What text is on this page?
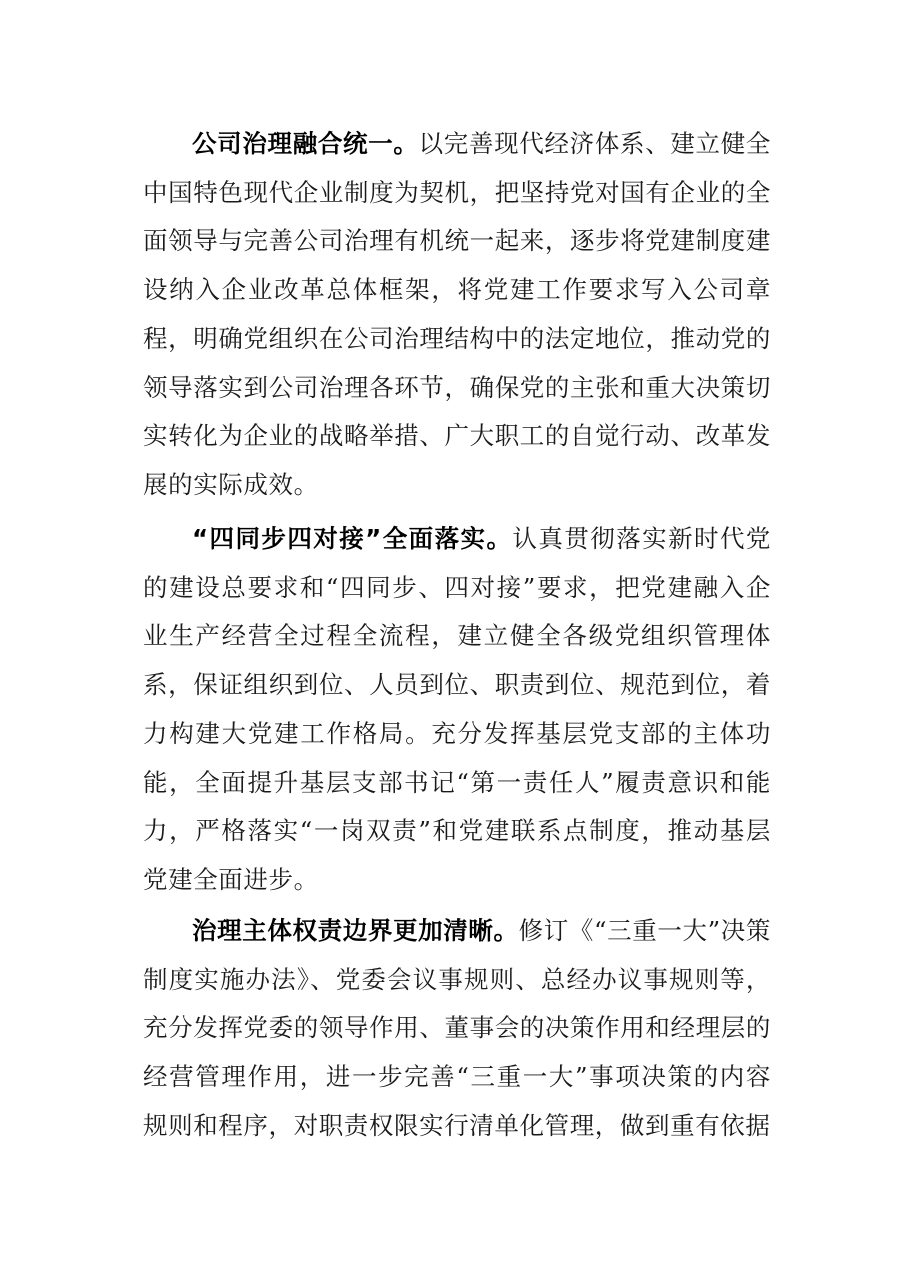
公司治理融合统一。以完善现代经济体系、建立健全中国特色现代企业制度为契机，把坚持党对国有企业的全面领导与完善公司治理有机统一起来，逐步将党建制度建设纳入企业改革总体框架，将党建工作要求写入公司章程，明确党组织在公司治理结构中的法定地位，推动党的领导落实到公司治理各环节，确保党的主张和重大决策切实转化为企业的战略举措、广大职工的自觉行动、改革发展的实际成效。

“四同步四对接”全面落实。认真贯彻落实新时代党的建设总要求和“四同步、四对接”要求，把党建融入企业生产经营全过程全流程，建立健全各级党组织管理体系，保证组织到位、人员到位、职责到位、规范到位，着力构建大党建工作格局。充分发挥基层党支部的主体功能，全面提升基层支部书记“第一责任人”履责意识和能力，严格落实“一岗双责”和党建联系点制度，推动基层党建全面进步。

治理主体权责边界更加清晰。修订《“三重一大”决策制度实施办法》、党委会议事规则、总经办议事规则等，充分发挥党委的领导作用、董事会的决策作用和经理层的经营管理作用，进一步完善“三重一大”事项决策的内容规则和程序，对职责权限实行清单化管理，做到重有依据
